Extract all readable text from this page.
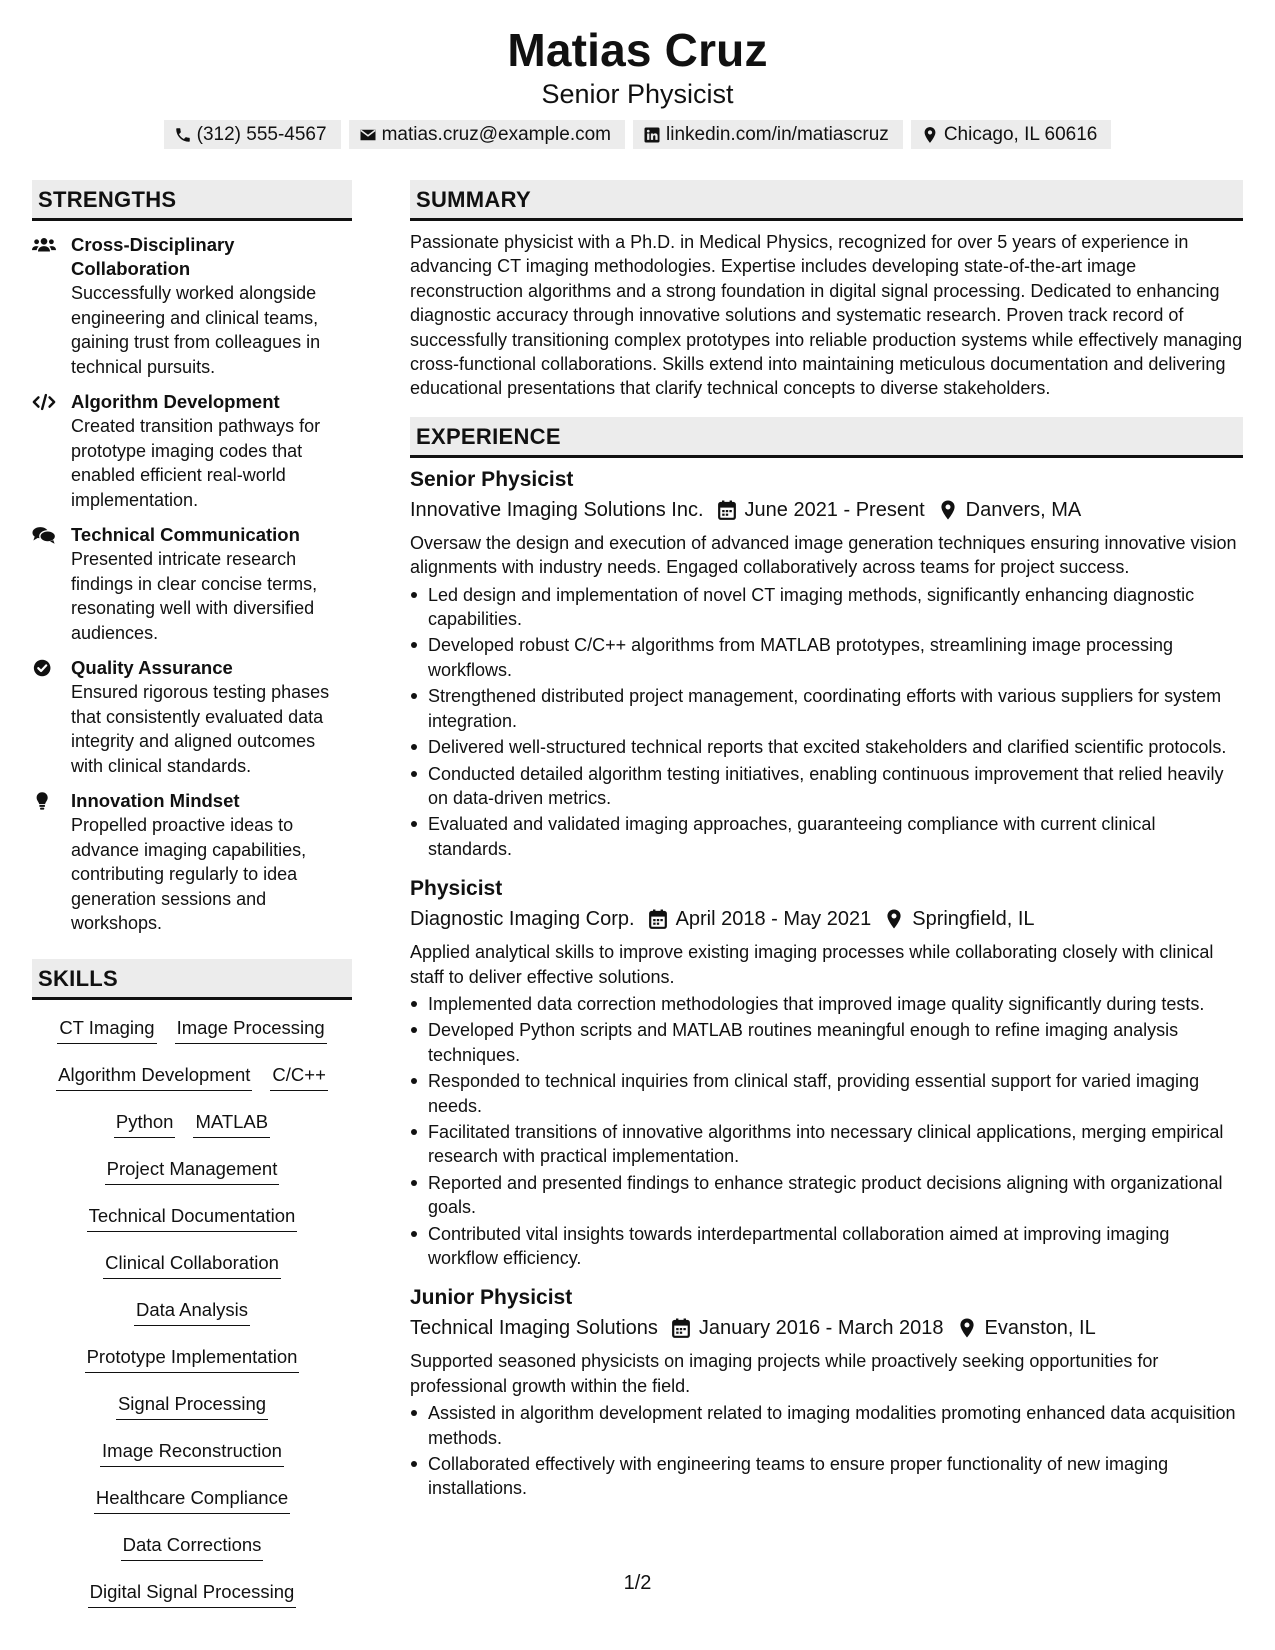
Matias Cruz
Senior Physicist
(312) 555-4567	matias.cruz@example.com	linkedin.com/in/matiascruz	Chicago, IL 60616
STRENGTHS
Cross-Disciplinary Collaboration
Successfully worked alongside engineering and clinical teams, gaining trust from colleagues in technical pursuits.
Algorithm Development
Created transition pathways for prototype imaging codes that enabled efficient real-world implementation.
Technical Communication
Presented intricate research findings in clear concise terms, resonating well with diversified audiences.
Quality Assurance
Ensured rigorous testing phases that consistently evaluated data integrity and aligned outcomes with clinical standards.
Innovation Mindset
Propelled proactive ideas to advance imaging capabilities, contributing regularly to idea generation sessions and workshops.
SKILLS
CT Imaging Image Processing
Algorithm Development C/C++
Python MATLAB
Project Management
Technical Documentation
Clinical Collaboration
Data Analysis
Prototype Implementation
Signal Processing
Image Reconstruction
Healthcare Compliance
Data Corrections
Digital Signal Processing
SUMMARY
Passionate physicist with a Ph.D. in Medical Physics, recognized for over 5 years of experience in advancing CT imaging methodologies. Expertise includes developing state-of-the-art image reconstruction algorithms and a strong foundation in digital signal processing. Dedicated to enhancing diagnostic accuracy through innovative solutions and systematic research. Proven track record of successfully transitioning complex prototypes into reliable production systems while effectively managing cross-functional collaborations. Skills extend into maintaining meticulous documentation and delivering educational presentations that clarify technical concepts to diverse stakeholders.
EXPERIENCE
Senior Physicist
Innovative Imaging Solutions Inc. June 2021 - Present Danvers, MA
Oversaw the design and execution of advanced image generation techniques ensuring innovative vision alignments with industry needs. Engaged collaboratively across teams for project success.
Led design and implementation of novel CT imaging methods, significantly enhancing diagnostic capabilities.
Developed robust C/C++ algorithms from MATLAB prototypes, streamlining image processing workflows.
Strengthened distributed project management, coordinating efforts with various suppliers for system integration.
Delivered well-structured technical reports that excited stakeholders and clarified scientific protocols.
Conducted detailed algorithm testing initiatives, enabling continuous improvement that relied heavily on data-driven metrics.
Evaluated and validated imaging approaches, guaranteeing compliance with current clinical standards.
Physicist
Diagnostic Imaging Corp. April 2018 - May 2021 Springfield, IL
Applied analytical skills to improve existing imaging processes while collaborating closely with clinical staff to deliver effective solutions.
Implemented data correction methodologies that improved image quality significantly during tests.
Developed Python scripts and MATLAB routines meaningful enough to refine imaging analysis techniques.
Responded to technical inquiries from clinical staff, providing essential support for varied imaging needs.
Facilitated transitions of innovative algorithms into necessary clinical applications, merging empirical research with practical implementation.
Reported and presented findings to enhance strategic product decisions aligning with organizational goals.
Contributed vital insights towards interdepartmental collaboration aimed at improving imaging workflow efficiency.
Junior Physicist
Technical Imaging Solutions January 2016 - March 2018 Evanston, IL
Supported seasoned physicists on imaging projects while proactively seeking opportunities for professional growth within the field.
Assisted in algorithm development related to imaging modalities promoting enhanced data acquisition methods.
Collaborated effectively with engineering teams to ensure proper functionality of new imaging installations.
1/2
